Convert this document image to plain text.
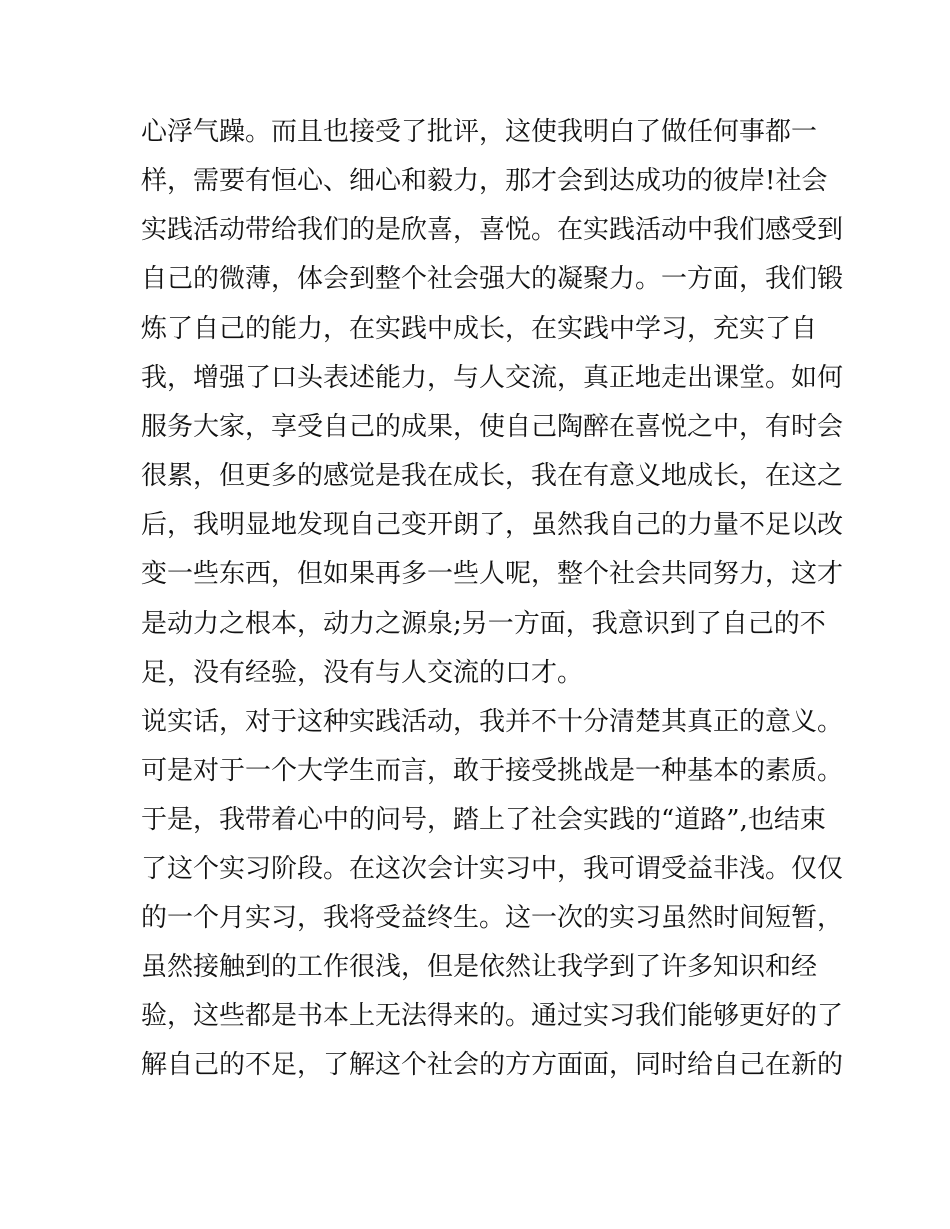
心浮气躁。而且也接受了批评，这使我明白了做任何事都一
样，需要有恒心、细心和毅力，那才会到达成功的彼岸!社会
实践活动带给我们的是欣喜，喜悦。在实践活动中我们感受到
自己的微薄，体会到整个社会强大的凝聚力。一方面，我们锻
炼了自己的能力，在实践中成长，在实践中学习，充实了自
我，增强了口头表述能力，与人交流，真正地走出课堂。如何
服务大家，享受自己的成果，使自己陶醉在喜悦之中，有时会
很累，但更多的感觉是我在成长，我在有意义地成长，在这之
后，我明显地发现自己变开朗了，虽然我自己的力量不足以改
变一些东西，但如果再多一些人呢，整个社会共同努力，这才
是动力之根本，动力之源泉;另一方面，我意识到了自己的不
足，没有经验，没有与人交流的口才。
说实话，对于这种实践活动，我并不十分清楚其真正的意义。
可是对于一个大学生而言，敢于接受挑战是一种基本的素质。
于是，我带着心中的问号，踏上了社会实践的“道路”,也结束
了这个实习阶段。在这次会计实习中，我可谓受益非浅。仅仅
的一个月实习，我将受益终生。这一次的实习虽然时间短暂，
虽然接触到的工作很浅，但是依然让我学到了许多知识和经
验，这些都是书本上无法得来的。通过实习我们能够更好的了
解自己的不足，了解这个社会的方方面面，同时给自己在新的
